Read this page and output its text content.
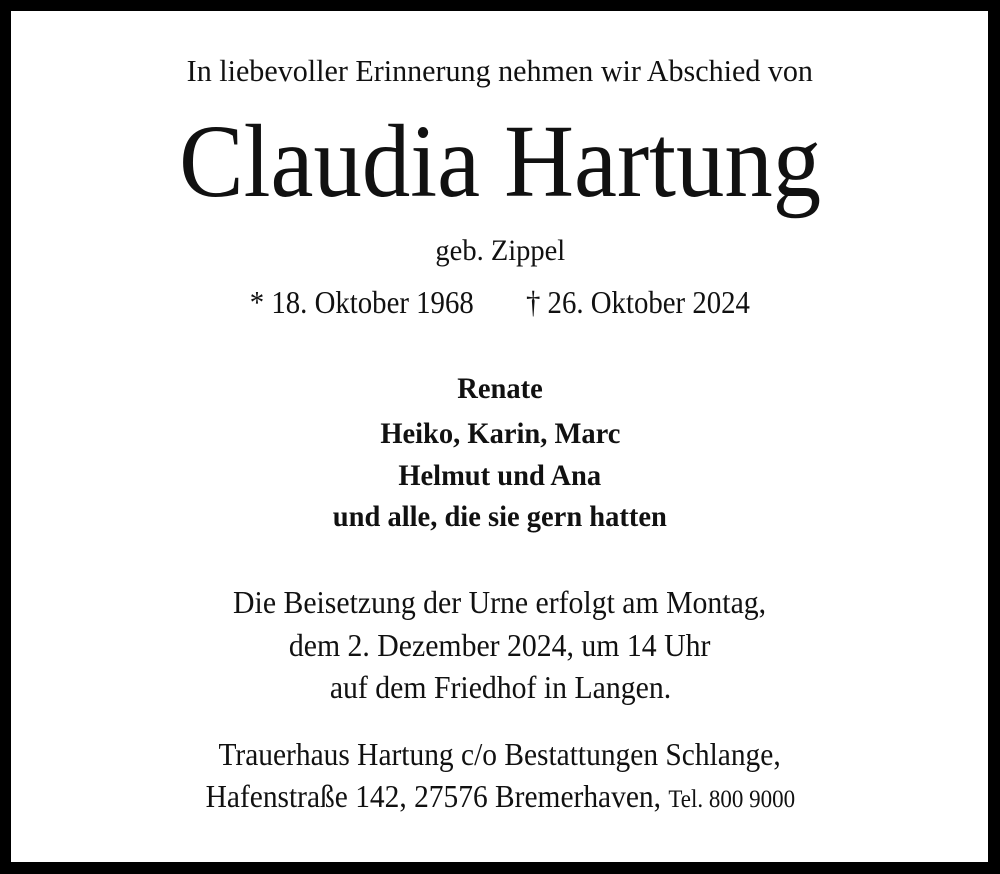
In liebevoller Erinnerung nehmen wir Abschied von
Claudia Hartung
geb. Zippel
* 18. Oktober 1968 † 26. Oktober 2024
Renate
Heiko, Karin, Marc
Helmut und Ana
und alle, die sie gern hatten
Die Beisetzung der Urne erfolgt am Montag,
dem 2. Dezember 2024, um 14 Uhr
auf dem Friedhof in Langen.
Trauerhaus Hartung c/o Bestattungen Schlange,
Hafenstraße 142, 27576 Bremerhaven, Tel. 800 9000
